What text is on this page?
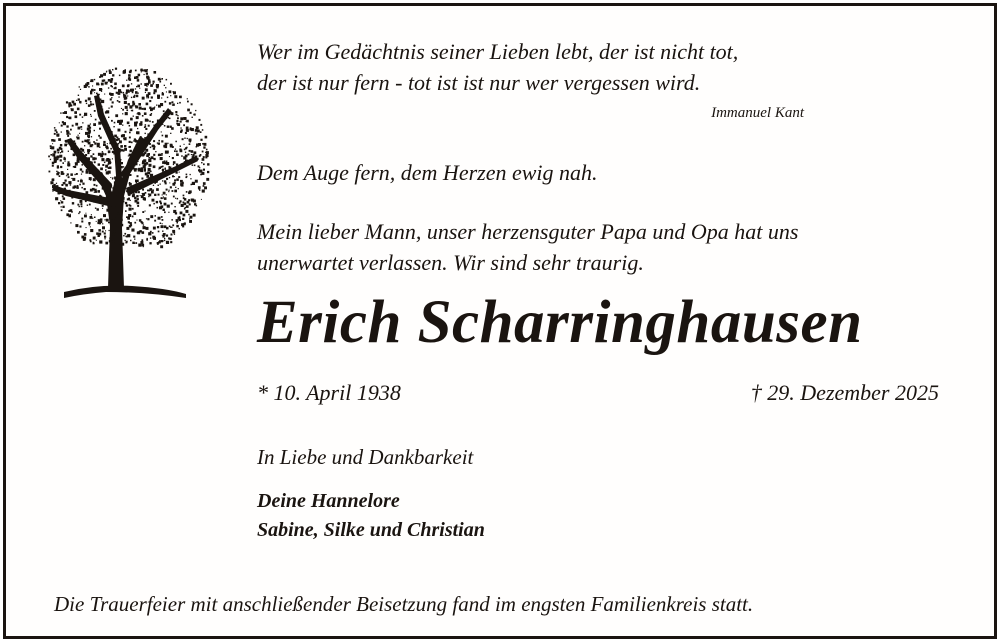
Wer im Gedächtnis seiner Lieben lebt, der ist nicht tot,
der ist nur fern - tot ist ist nur wer vergessen wird.
Immanuel Kant
Dem Auge fern, dem Herzen ewig nah.
Mein lieber Mann, unser herzensguter Papa und Opa hat uns
unerwartet verlassen. Wir sind sehr traurig.
Erich Scharringhausen
* 10. April 1938	† 29. Dezember 2025
In Liebe und Dankbarkeit
Deine Hannelore
Sabine, Silke und Christian
Die Trauerfeier mit anschließender Beisetzung fand im engsten Familienkreis statt.
